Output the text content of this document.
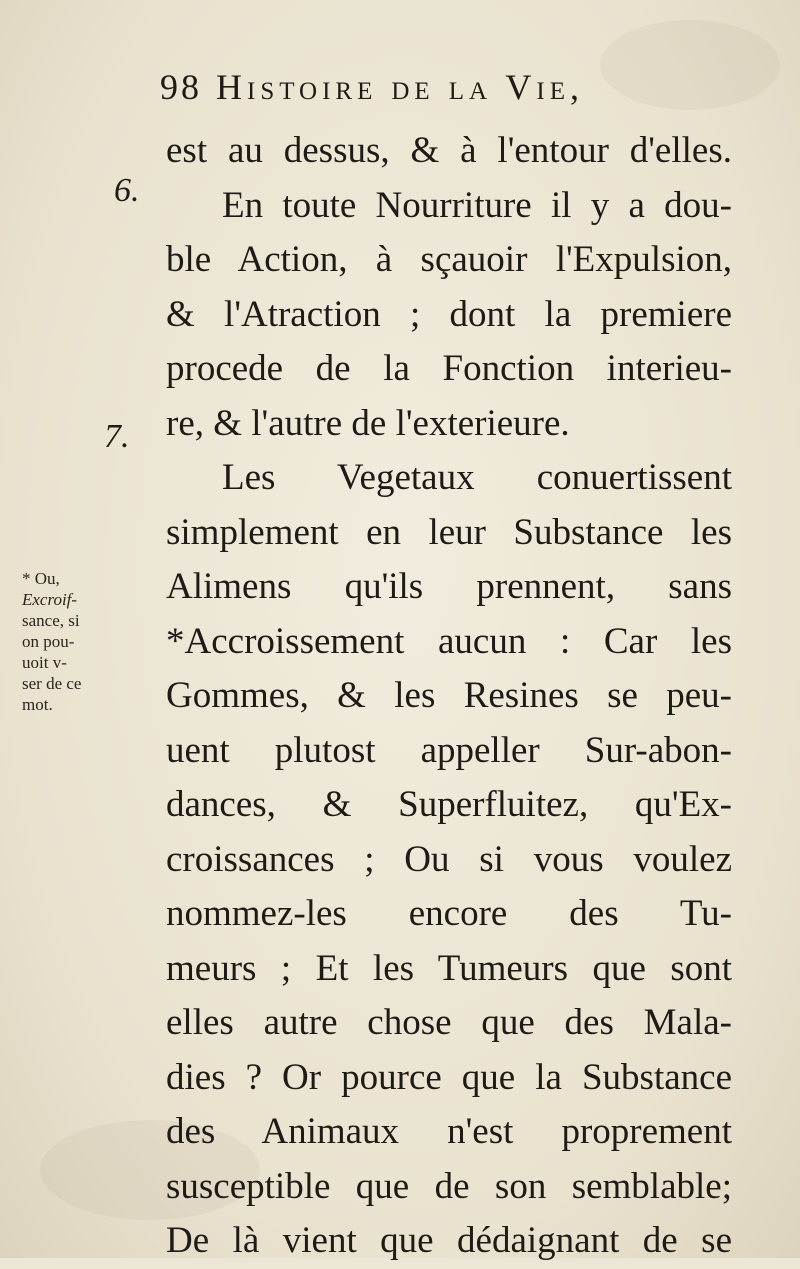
98 Histoire de la Vie,
6.
7.
est au dessus, & à l'entour d'elles.
En toute Nourriture il y a dou-
ble Action, à sçauoir l'Expulsion,
& l'Atraction ; dont la premiere
procede de la Fonction interieu-
re, & l'autre de l'exterieure.
Les Vegetaux conuertissent
simplement en leur Substance les
Alimens qu'ils prennent, sans
*Accroissement aucun : Car les
Gommes, & les Resines se peu-
uent plutost appeller Sur-abon-
dances, & Superfluitez, qu'Ex-
croissances ; Ou si vous voulez
nommez-les encore des Tu-
meurs ; Et les Tumeurs que sont
elles autre chose que des Mala-
dies ? Or pource que la Substance
des Animaux n'est proprement
susceptible que de son semblable;
De là vient que dédaignant de se
* Ou,
Excroif-
sance, si
on pou-
uoit v-
ser de ce
mot.
